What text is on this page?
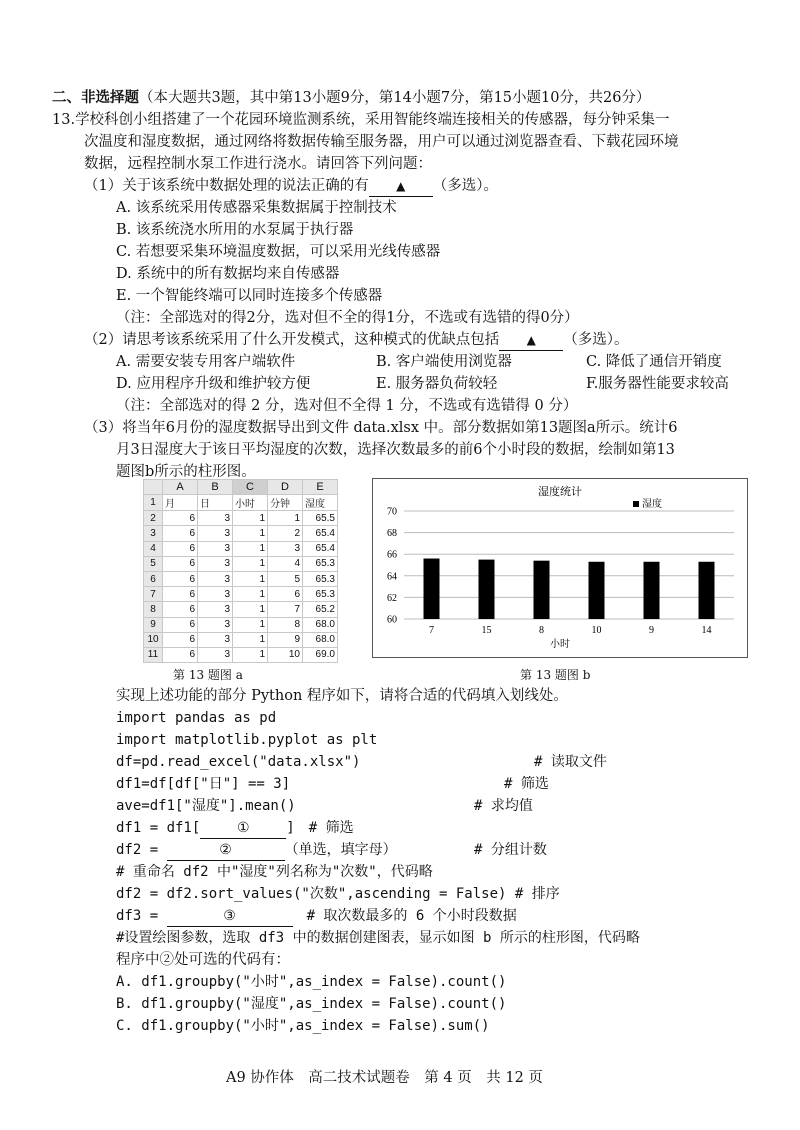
二、非选择题（本大题共3题，其中第13小题9分，第14小题7分，第15小题10分，共26分）
13.学校科创小组搭建了一个花园环境监测系统，采用智能终端连接相关的传感器，每分钟采集一
次温度和湿度数据，通过网络将数据传输至服务器，用户可以通过浏览器查看、下载花园环境
数据，远程控制水泵工作进行浇水。请回答下列问题：
（1）关于该系统中数据处理的说法正确的有 ▲ （多选）。
A. 该系统采用传感器采集数据属于控制技术
B. 该系统浇水所用的水泵属于执行器
C. 若想要采集环境温度数据，可以采用光线传感器
D. 系统中的所有数据均来自传感器
E. 一个智能终端可以同时连接多个传感器
（注：全部选对的得2分，选对但不全的得1分，不选或有选错的得0分）
（2）请思考该系统采用了什么开发模式，这种模式的优缺点包括 ▲ （多选）。
A. 需要安装专用客户端软件	B. 客户端使用浏览器	C. 降低了通信开销度
D. 应用程序升级和维护较方便	E. 服务器负荷较轻	F.服务器性能要求较高
（注：全部选对的得 2 分，选对但不全得 1 分，不选或有选错得 0 分）
（3）将当年6月份的湿度数据导出到文件 data.xlsx 中。部分数据如第13题图a所示。统计6
月3日湿度大于该日平均湿度的次数，选择次数最多的前6个小时段的数据，绘制如第13
题图b所示的柱形图。
	A	B	C	D	E
1	月	日	小时	分钟	湿度
2	6	3	1	1	65.5
3	6	3	1	2	65.4
4	6	3	1	3	65.4
5	6	3	1	4	65.3
6	6	3	1	5	65.3
7	6	3	1	6	65.3
8	6	3	1	7	65.2
9	6	3	1	8	68.0
10	6	3	1	9	68.0
11	6	3	1	10	69.0
第 13 题图 a
湿度统计
60
62
64
66
68
70
7	15	8	10	9	14
小时
湿度
第 13 题图 b
实现上述功能的部分 Python 程序如下，请将合适的代码填入划线处。
import pandas as pd
import matplotlib.pyplot as plt
df=pd.read_excel("data.xlsx")	# 读取文件
df1=df[df["日"] == 3]	# 筛选
ave=df1["湿度"].mean()	# 求均值
df1 = df1[	①	] # 筛选
df2 =	②	（单选，填字母）	# 分组计数
# 重命名 df2 中"湿度"列名称为"次数"，代码略
df2 = df2.sort_values("次数",ascending = False) # 排序
df3 =	③	# 取次数最多的 6 个小时段数据
#设置绘图参数，选取 df3 中的数据创建图表，显示如图 b 所示的柱形图，代码略
程序中②处可选的代码有：
A. df1.groupby("小时",as_index = False).count()
B. df1.groupby("湿度",as_index = False).count()
C. df1.groupby("小时",as_index = False).sum()
A9 协作体　高二技术试题卷　第 4 页　共 12 页
